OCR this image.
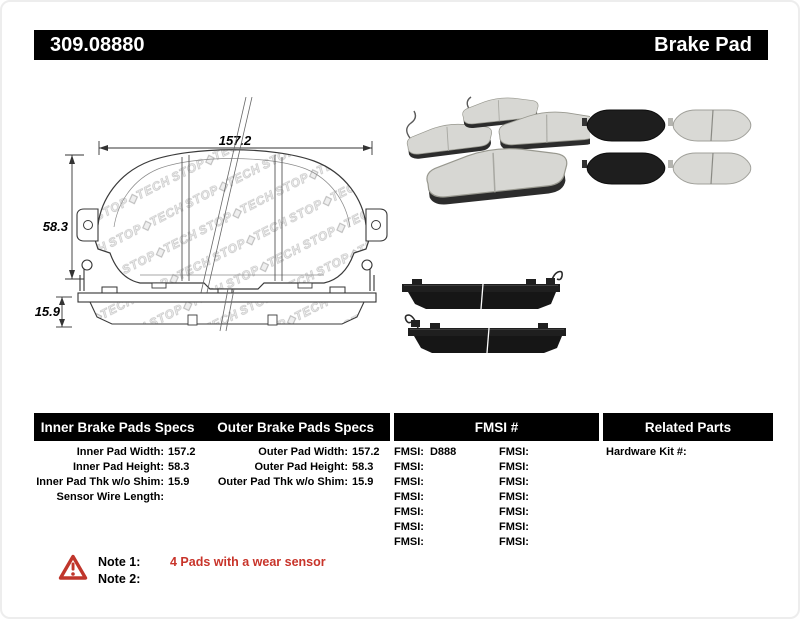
309.08880	Brake Pad
157.2
58.3
15.9
Inner Brake Pads Specs	Outer Brake Pads Specs	FMSI #	Related Parts
Inner Pad Width: 157.2
Inner Pad Height: 58.3
Inner Pad Thk w/o Shim: 15.9
Sensor Wire Length:
Outer Pad Width: 157.2
Outer Pad Height: 58.3
Outer Pad Thk w/o Shim: 15.9
FMSI: D888
FMSI:
FMSI:
FMSI:
FMSI:
FMSI:
FMSI:
FMSI:
FMSI:
FMSI:
FMSI:
FMSI:
FMSI:
FMSI:
Hardware Kit #:
Note 1:	4 Pads with a wear sensor
Note 2:
